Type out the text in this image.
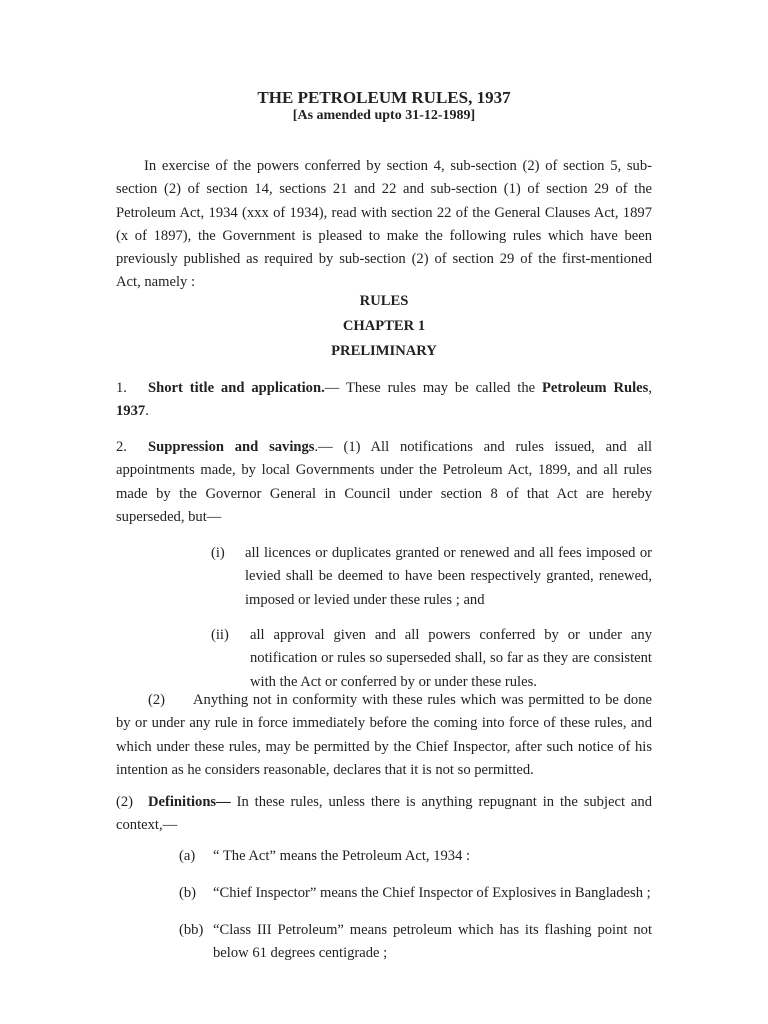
THE PETROLEUM RULES, 1937
[As amended upto 31-12-1989]
In exercise of the powers conferred by section 4, sub-section (2) of section 5, sub-section (2) of section 14, sections 21 and 22 and sub-section (1) of section 29 of the Petroleum Act, 1934 (xxx of 1934), read with section 22 of the General Clauses Act, 1897 (x of 1897), the Government is pleased to make the following rules which have been previously published as required by sub-section (2) of section 29 of the first-mentioned Act, namely :
RULES
CHAPTER 1
PRELIMINARY
1. Short title and application.— These rules may be called the Petroleum Rules, 1937.
2. Suppression and savings.— (1) All notifications and rules issued, and all appointments made, by local Governments under the Petroleum Act, 1899, and all rules made by the Governor General in Council under section 8 of that Act are hereby superseded, but—
(i) all licences or duplicates granted or renewed and all fees imposed or levied shall be deemed to have been respectively granted, renewed, imposed or levied under these rules ; and
(ii) all approval given and all powers conferred by or under any notification or rules so superseded shall, so far as they are consistent with the Act or conferred by or under these rules.
(2) Anything not in conformity with these rules which was permitted to be done by or under any rule in force immediately before the coming into force of these rules, and which under these rules, may be permitted by the Chief Inspector, after such notice of his intention as he considers reasonable, declares that it is not so permitted.
(2) Definitions— In these rules, unless there is anything repugnant in the subject and context,—
(a) “ The Act” means the Petroleum Act, 1934 :
(b) “Chief Inspector” means the Chief Inspector of Explosives in Bangladesh ;
(bb) “Class III Petroleum” means petroleum which has its flashing point not below 61 degrees centigrade ;
